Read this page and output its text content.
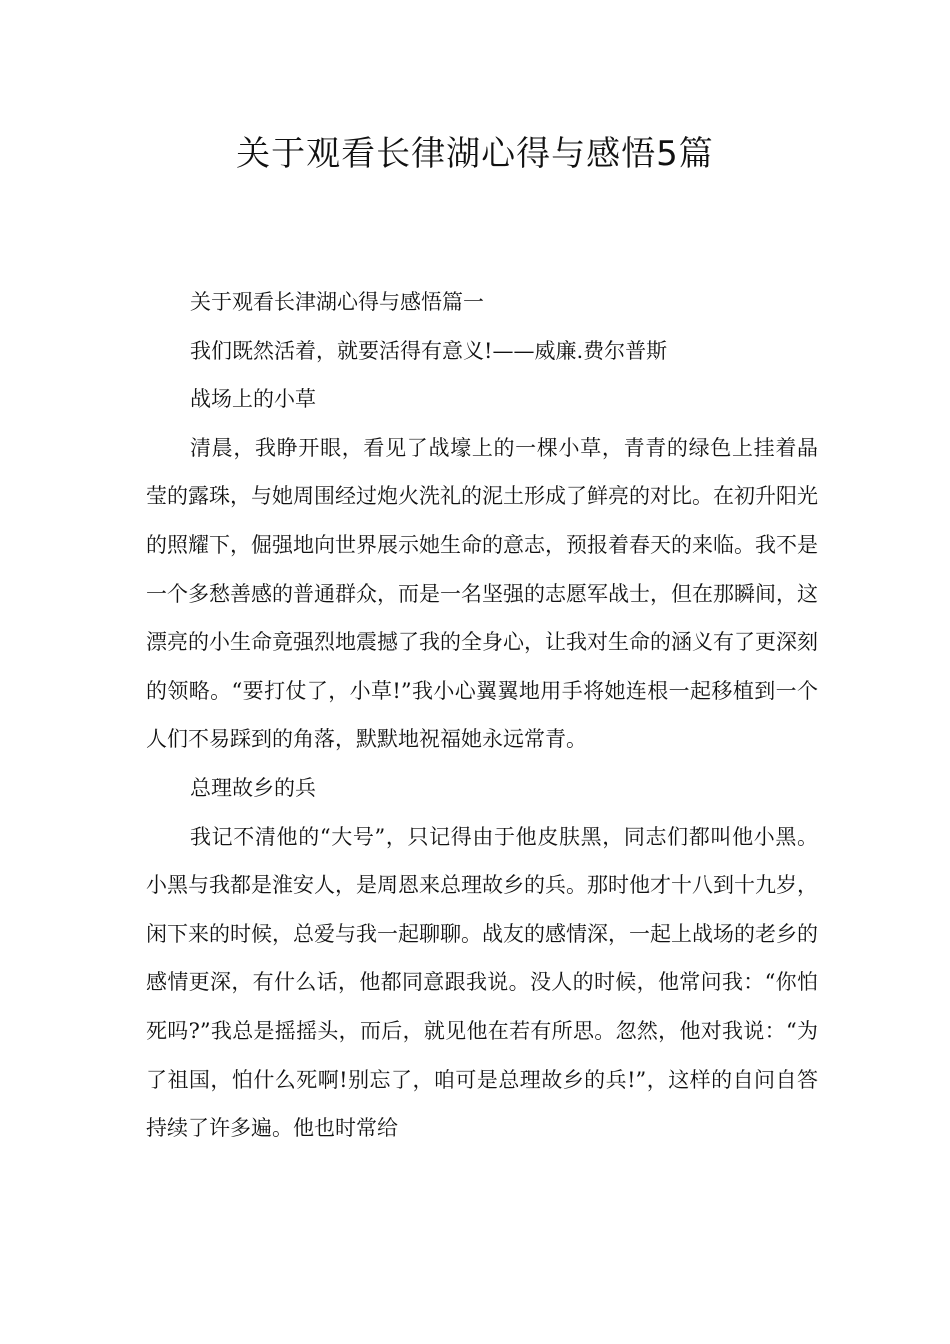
关于观看长律湖心得与感悟5篇

关于观看长津湖心得与感悟篇一

我们既然活着，就要活得有意义!——威廉.费尔普斯

战场上的小草

清晨，我睁开眼，看见了战壕上的一棵小草，青青的绿色上挂着晶莹的露珠，与她周围经过炮火洗礼的泥土形成了鲜亮的对比。在初升阳光的照耀下，倔强地向世界展示她生命的意志，预报着春天的来临。我不是一个多愁善感的普通群众，而是一名坚强的志愿军战士，但在那瞬间，这漂亮的小生命竟强烈地震撼了我的全身心，让我对生命的涵义有了更深刻的领略。“要打仗了，小草!”我小心翼翼地用手将她连根一起移植到一个人们不易踩到的角落，默默地祝福她永远常青。

总理故乡的兵

我记不清他的“大号”，只记得由于他皮肤黑，同志们都叫他小黑。小黑与我都是淮安人，是周恩来总理故乡的兵。那时他才十八到十九岁，闲下来的时候，总爱与我一起聊聊。战友的感情深，一起上战场的老乡的感情更深，有什么话，他都同意跟我说。没人的时候，他常问我：“你怕死吗?”我总是摇摇头，而后，就见他在若有所思。忽然，他对我说：“为了祖国，怕什么死啊!别忘了，咱可是总理故乡的兵!”，这样的自问自答持续了许多遍。他也时常给
